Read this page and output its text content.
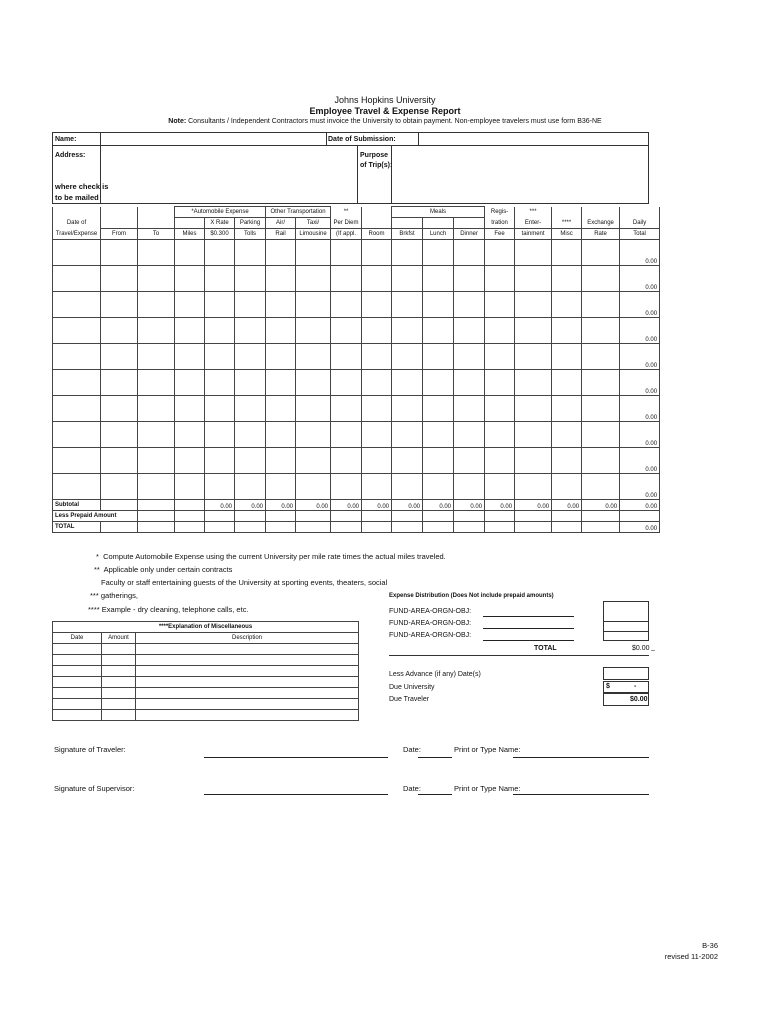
Johns Hopkins University
Employee Travel & Expense Report
Note: Consultants / Independent Contractors must invoice the University to obtain payment. Non-employee travelers must use form B36-NE
Name:	Date of Submission:
Address:	Purpose
of Trip(s):
where check is
to be mailed
			*Automobile Expense			Other Transportation		**		Meals			Regis-	***			
Date of				X Rate	Parking	Air/	Taxi/	Per Diem					tration	Enter-	****	Exchange	Daily
Travel/Expense	From	To	Miles	$0.300	Tolls	Rail	Limousine	(If appl.	Room	Brkfst	Lunch	Dinner	Fee	tainment	Misc	Rate	Total
																	0.00
																	0.00
																	0.00
																	0.00
																	0.00
																	0.00
																	0.00
																	0.00
																	0.00
																	0.00
Subtotal				0.00	0.00	0.00	0.00	0.00	0.00	0.00	0.00	0.00	0.00	0.00	0.00	0.00	0.00
Less Prepaid Amount																	
TOTAL																	0.00
* Compute Automobile Expense using the current University per mile rate times the actual miles traveled.
** Applicable only under certain contracts
Faculty or staff entertaining guests of the University at sporting events, theaters, social
*** gatherings,
**** Example - dry cleaning, telephone calls, etc.
****Explanation of Miscellaneous		
Date	Amount	Description

Expense Distribution (Does Not include prepaid amounts)
FUND-AREA-ORGN-OBJ:
FUND-AREA-ORGN-OBJ:
FUND-AREA-ORGN-OBJ:
TOTAL	$0.00 _
Less Advance (if any) Date(s)
Due University	$	-
Due Traveler	$0.00
Signature of Traveler:	Date:	Print or Type Name:
Signature of Supervisor:	Date:	Print or Type Name:
B-36
revised 11-2002
